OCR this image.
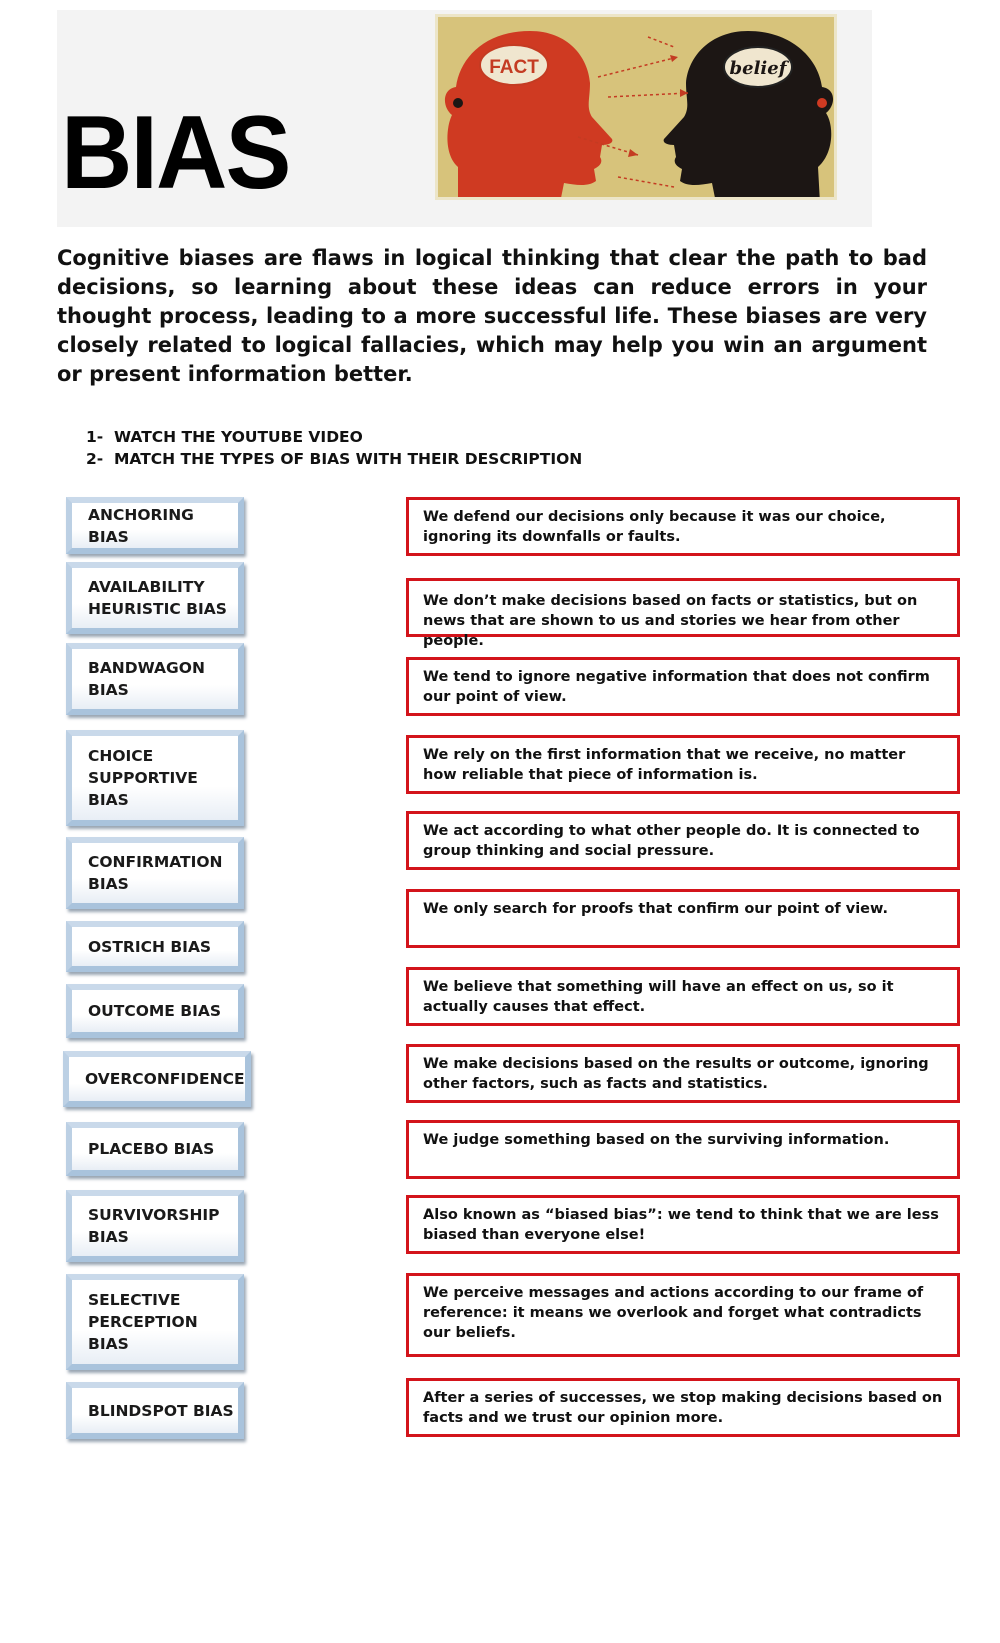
BIAS
FACT	belief

Cognitive biases are flaws in logical thinking that clear the path to bad decisions, so learning about these ideas can reduce errors in your thought process, leading to a more successful life. These biases are very closely related to logical fallacies, which may help you win an argument or present information better.

1- WATCH THE YOUTUBE VIDEO
2- MATCH THE TYPES OF BIAS WITH THEIR DESCRIPTION
ANCHORING BIAS
AVAILABILITY
HEURISTIC BIAS
BANDWAGON
BIAS
CHOICE
SUPPORTIVE
BIAS
CONFIRMATION
BIAS
OSTRICH BIAS
OUTCOME BIAS
OVERCONFIDENCE
PLACEBO BIAS
SURVIVORSHIP
BIAS
SELECTIVE
PERCEPTION
BIAS
BLINDSPOT BIAS
We defend our decisions only because it was our choice, ignoring its downfalls or faults.
We don’t make decisions based on facts or statistics, but on news that are shown to us and stories we hear from other people.
We tend to ignore negative information that does not confirm our point of view.
We rely on the first information that we receive, no matter how reliable that piece of information is.
We act according to what other people do. It is connected to group thinking and social pressure.
We only search for proofs that confirm our point of view.
We believe that something will have an effect on us, so it actually causes that effect.
We make decisions based on the results or outcome, ignoring other factors, such as facts and statistics.
We judge something based on the surviving information.
Also known as “biased bias”: we tend to think that we are less biased than everyone else!
We perceive messages and actions according to our frame of reference: it means we overlook and forget what contradicts our beliefs.
After a series of successes, we stop making decisions based on facts and we trust our opinion more.
